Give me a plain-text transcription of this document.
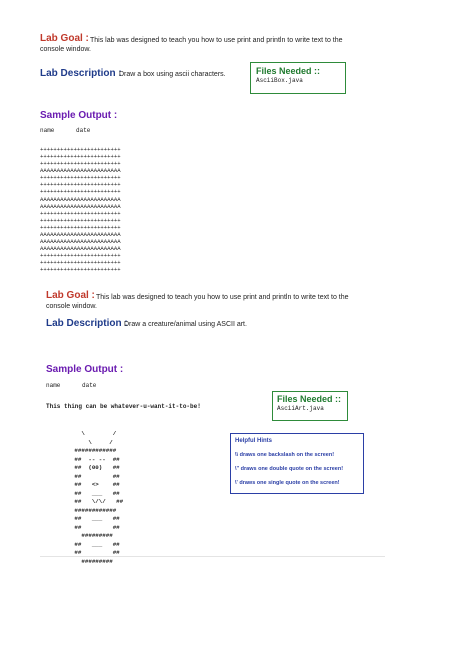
Lab Goal : This lab was designed to teach you how to use print and println to write text to the console window.
Files Needed ::
AsciiBox.java
Lab Description :
Draw a box using ascii characters.
Sample Output :
name	date
++++++++++++++++++++++++
++++++++++++++++++++++++
++++++++++++++++++++++++
AAAAAAAAAAAAAAAAAAAAAAAA
++++++++++++++++++++++++
++++++++++++++++++++++++
++++++++++++++++++++++++
AAAAAAAAAAAAAAAAAAAAAAAA
AAAAAAAAAAAAAAAAAAAAAAAA
++++++++++++++++++++++++
++++++++++++++++++++++++
++++++++++++++++++++++++
AAAAAAAAAAAAAAAAAAAAAAAA
AAAAAAAAAAAAAAAAAAAAAAAA
AAAAAAAAAAAAAAAAAAAAAAAA
++++++++++++++++++++++++
++++++++++++++++++++++++
++++++++++++++++++++++++
Lab Goal : This lab was designed to teach you how to use print and println to write text to the console window.
Lab Description :
Draw a creature/animal using ASCII art.
Sample Output :
name	date
This thing can be whatever-u-want-it-to-be!
Files Needed ::
AsciiArt.java
\        /
\     /
############
##  -- --  ##
##  (00)   ##
##         ##
##   <>    ##
##   ___   ##
##   \/\/   ##
############
##   ___   ##
##         ##
#########
##   ___   ##
##         ##
#########
Helpful Hints
\\ draws one backslash on the screen!
\" draws one double quote on the screen!
\' draws one single quote on the screen!
